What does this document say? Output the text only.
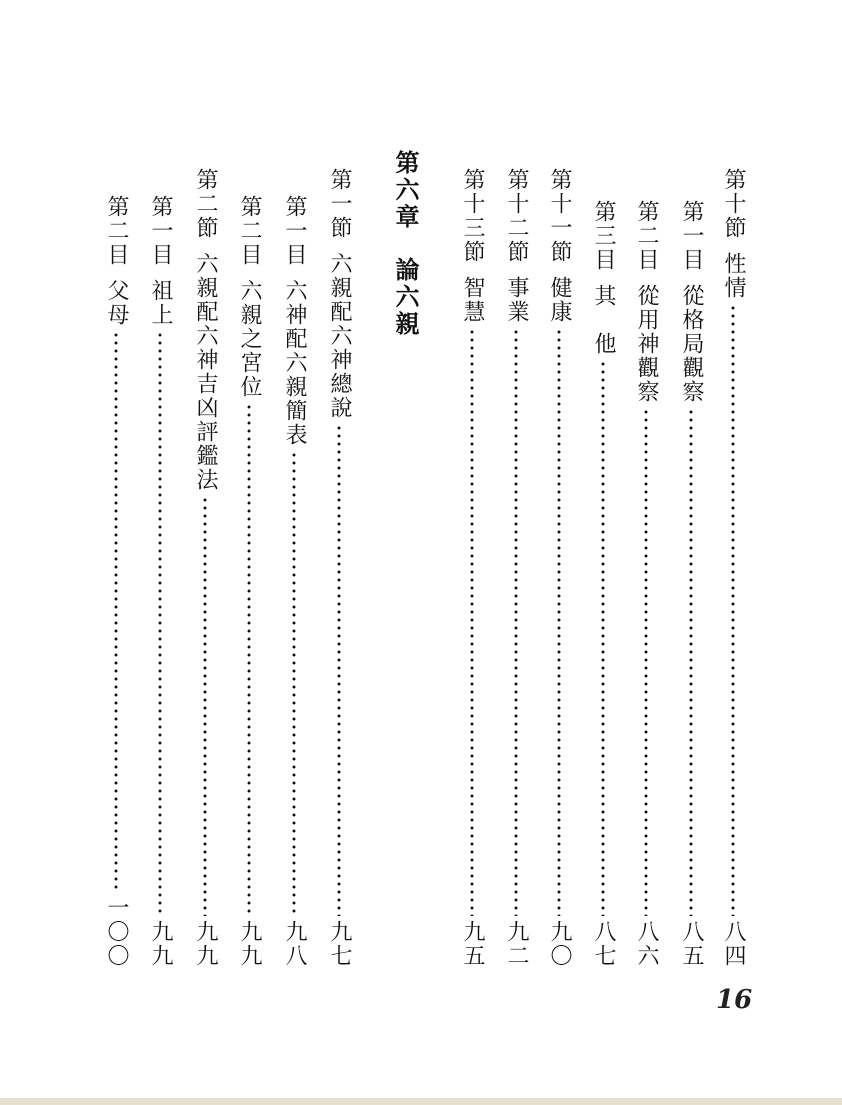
第十節
性情
八四
第一目
從格局觀察
八五
第二目
從用神觀察
八六
第三目
其　他
八七
第十一節
健康
九〇
第十二節
事業
九二
第十三節
智慧
九五
第六章
論六親
第一節
六親配六神總說
九七
第一目
六神配六親簡表
九八
第二目
六親之宮位
九九
第二節
六親配六神吉凶評鑑法
九九
第一目
祖上
九九
第二目
父母
一〇〇
16
